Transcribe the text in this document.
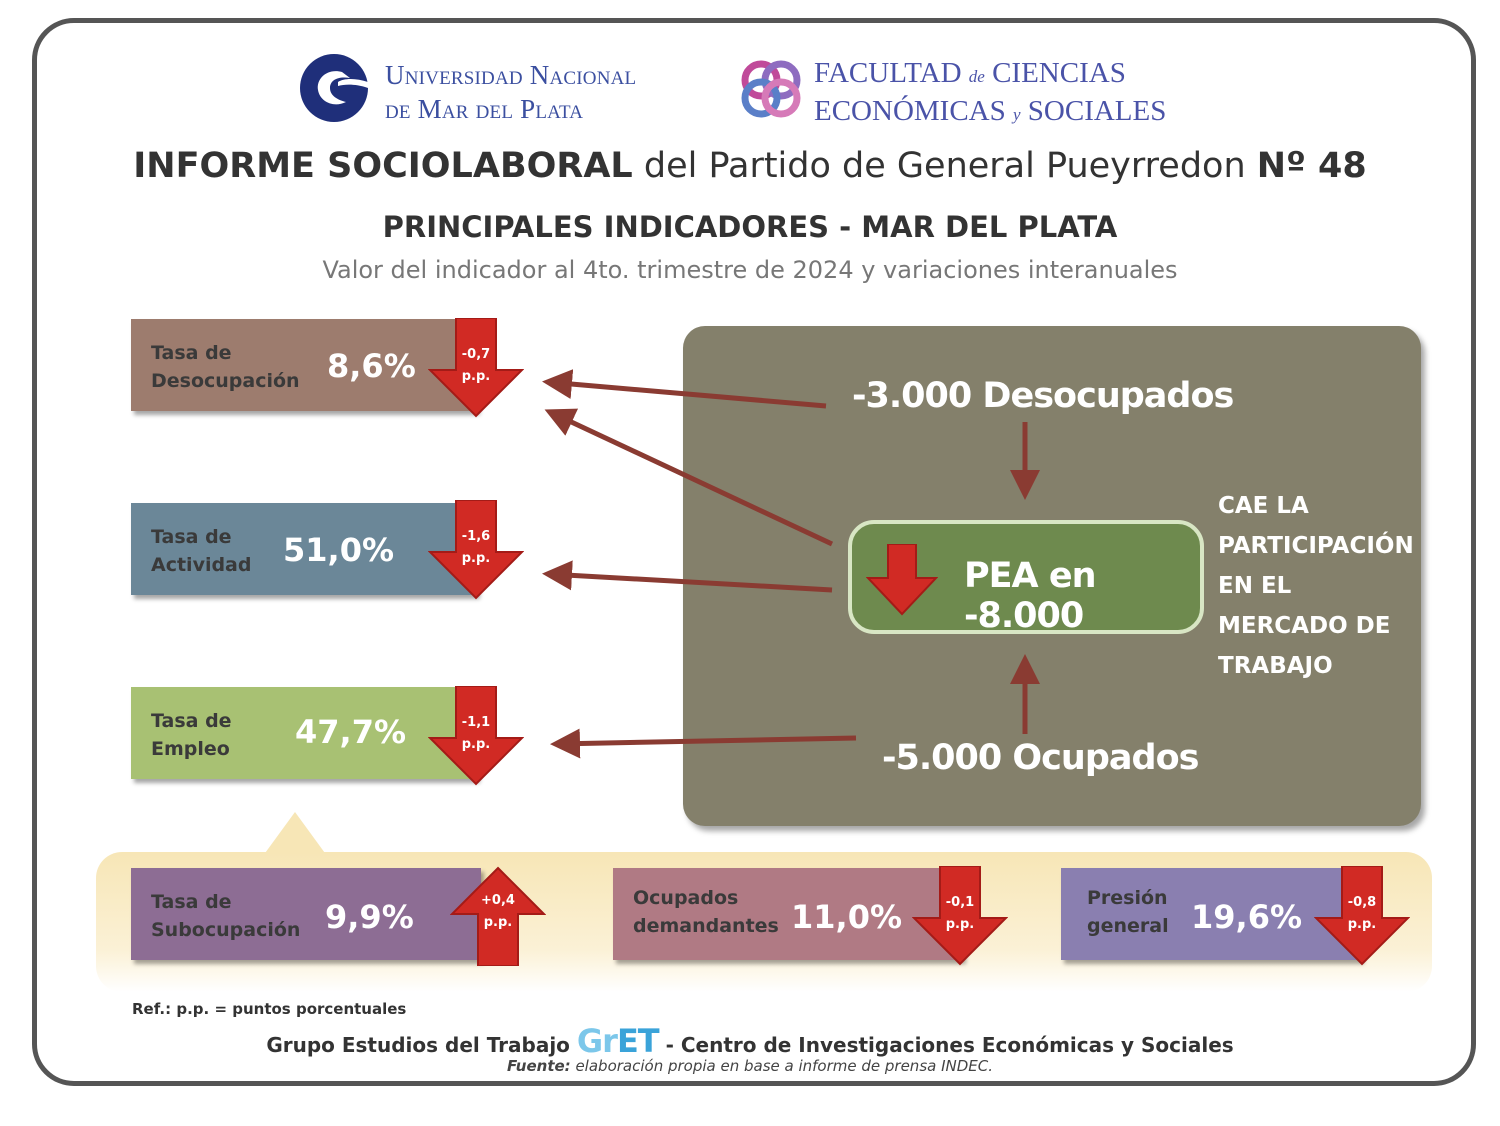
Universidad Nacional
de Mar del Plata
FACULTAD de CIENCIAS
ECONÓMICAS y SOCIALES
INFORME SOCIOLABORAL del Partido de General Pueyrredon Nº 48
PRINCIPALES INDICADORES - MAR DEL PLATA
Valor del indicador al 4to. trimestre de 2024 y variaciones interanuales
Tasa de
Desocupación 8,6%	-0,7
p.p.
Tasa de
Actividad 51,0%	-1,6
p.p.
Tasa de
Empleo 47,7%	-1,1
p.p.
Tasa de
Subocupación 9,9%	+0,4
p.p.
Ocupados
demandantes 11,0%	-0,1
p.p.
Presión
general 19,6%	-0,8
p.p.
-3.000 Desocupados
PEA en -8.000
-5.000 Ocupados
CAE LA
PARTICIPACIÓN
EN EL
MERCADO DE
TRABAJO
Ref.: p.p. = puntos porcentuales
Grupo Estudios del Trabajo GrET - Centro de Investigaciones Económicas y Sociales
Fuente: elaboración propia en base a informe de prensa INDEC.
